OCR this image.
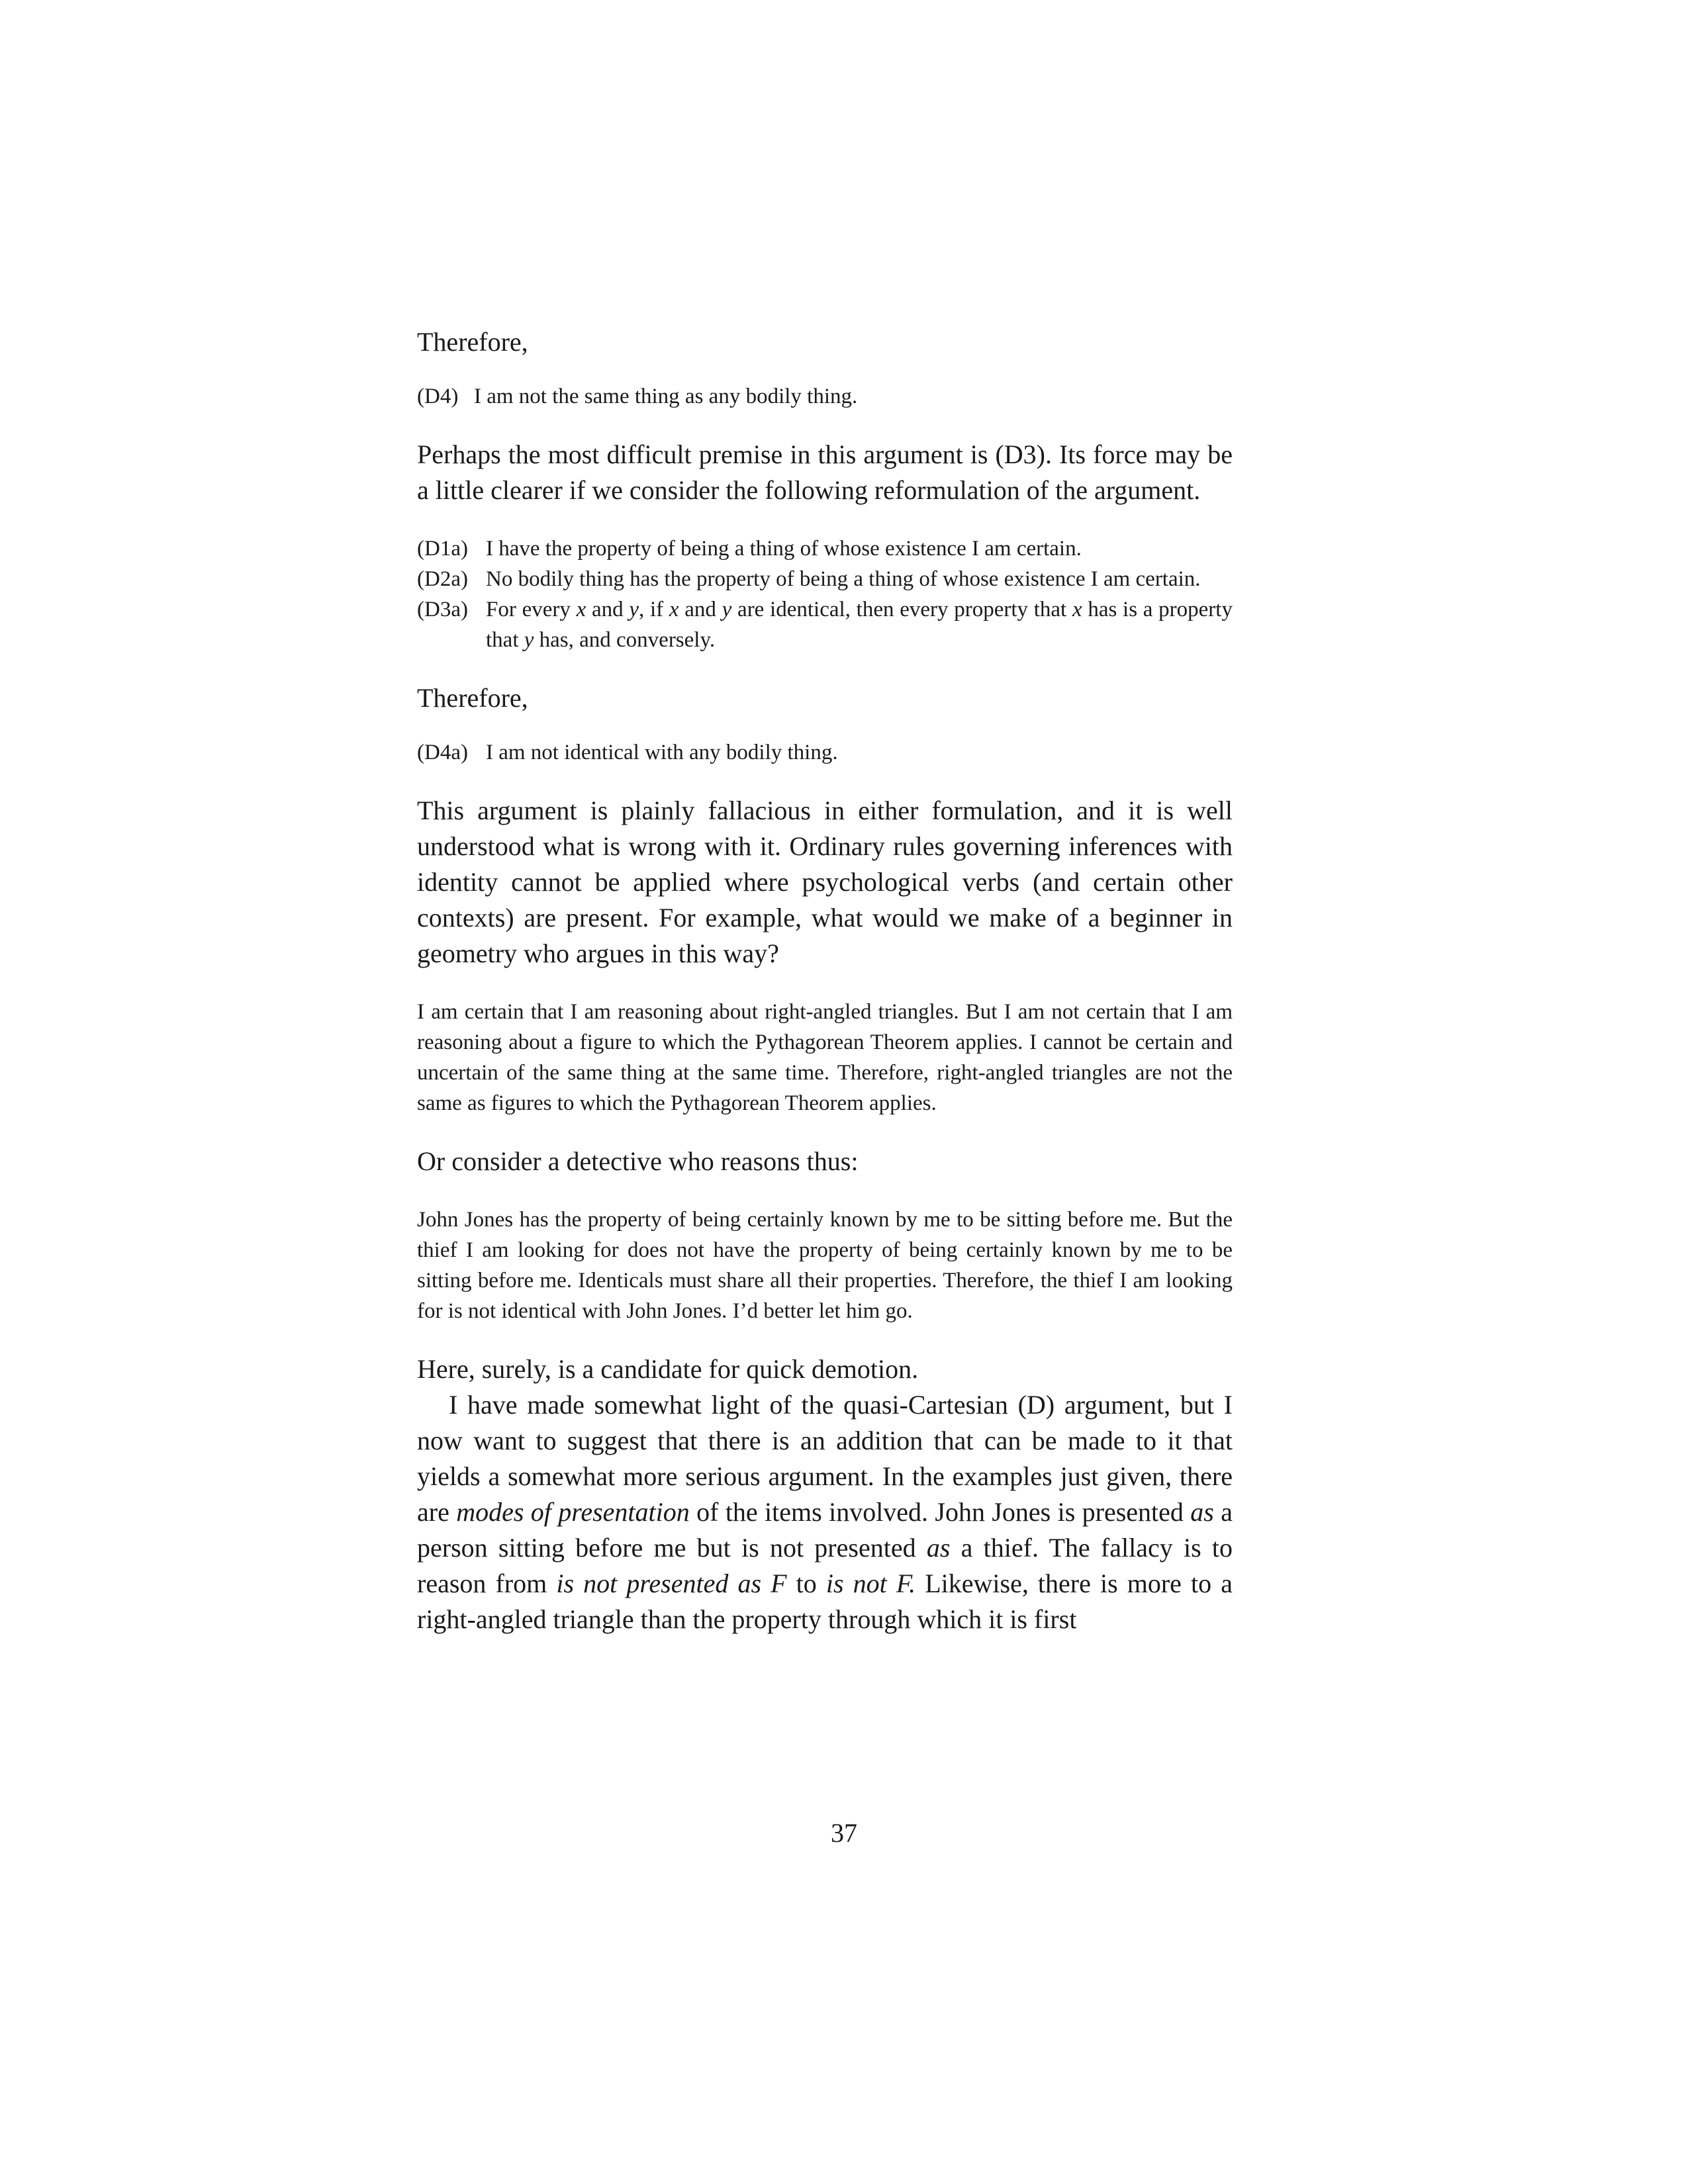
Therefore,

(D4) I am not the same thing as any bodily thing.

Perhaps the most difficult premise in this argument is (D3). Its force may be a little clearer if we consider the following reformulation of the argument.

(D1a) I have the property of being a thing of whose existence I am certain.
(D2a) No bodily thing has the property of being a thing of whose existence I am certain.
(D3a) For every x and y, if x and y are identical, then every property that x has is a property that y has, and conversely.

Therefore,

(D4a) I am not identical with any bodily thing.

This argument is plainly fallacious in either formulation, and it is well understood what is wrong with it. Ordinary rules governing inferences with identity cannot be applied where psychological verbs (and certain other contexts) are present. For example, what would we make of a beginner in geometry who argues in this way?

I am certain that I am reasoning about right-angled triangles. But I am not certain that I am reasoning about a figure to which the Pythagorean Theorem applies. I cannot be certain and uncertain of the same thing at the same time. Therefore, right-angled triangles are not the same as figures to which the Pythagorean Theorem applies.

Or consider a detective who reasons thus:

John Jones has the property of being certainly known by me to be sitting before me. But the thief I am looking for does not have the property of being certainly known by me to be sitting before me. Identicals must share all their properties. Therefore, the thief I am looking for is not identical with John Jones. I’d better let him go.

Here, surely, is a candidate for quick demotion.

I have made somewhat light of the quasi-Cartesian (D) argument, but I now want to suggest that there is an addition that can be made to it that yields a somewhat more serious argument. In the examples just given, there are modes of presentation of the items involved. John Jones is presented as a person sitting before me but is not presented as a thief. The fallacy is to reason from is not presented as F to is not F. Likewise, there is more to a right-angled triangle than the property through which it is first

37
